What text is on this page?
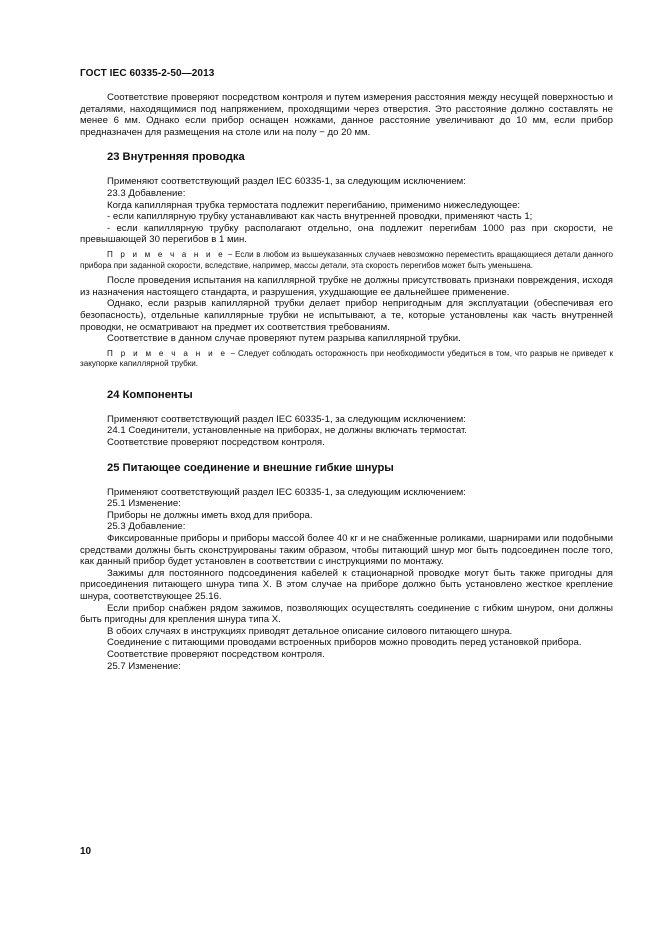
ГОСТ IEC 60335-2-50—2013

Соответствие проверяют посредством контроля и путем измерения расстояния между несущей поверхностью и деталями, находящимися под напряжением, проходящими через отверстия. Это расстояние должно составлять не менее 6 мм. Однако если прибор оснащен ножками, данное расстояние увеличивают до 10 мм, если прибор предназначен для размещения на столе или на полу − до 20 мм.

23 Внутренняя проводка

Применяют соответствующий раздел IEC 60335-1, за следующим исключением:

23.3 Добавление:

Когда капиллярная трубка термостата подлежит перегибанию, применимо нижеследующее:

- если капиллярную трубку устанавливают как часть внутренней проводки, применяют часть 1;

- если капиллярную трубку располагают отдельно, она подлежит перегибам 1000 раз при скорости, не превышающей 30 перегибов в 1 мин.

П р и м е ч а н и е − Если в любом из вышеуказанных случаев невозможно переместить вращающиеся детали данного прибора при заданной скорости, вследствие, например, массы детали, эта скорость перегибов может быть уменьшена.

После проведения испытания на капиллярной трубке не должны присутствовать признаки повреждения, исходя из назначения настоящего стандарта, и разрушения, ухудшающие ее дальнейшее применение.

Однако, если разрыв капиллярной трубки делает прибор непригодным для эксплуатации (обеспечивая его безопасность), отдельные капиллярные трубки не испытывают, а те, которые установлены как часть внутренней проводки, не осматривают на предмет их соответствия требованиям.

Соответствие в данном случае проверяют путем разрыва капиллярной трубки.

П р и м е ч а н и е − Следует соблюдать осторожность при необходимости убедиться в том, что разрыв не приведет к закупорке капиллярной трубки.

24 Компоненты

Применяют соответствующий раздел IEC 60335-1, за следующим исключением:

24.1 Соединители, установленные на приборах, не должны включать термостат.

Соответствие проверяют посредством контроля.

25 Питающее соединение и внешние гибкие шнуры

Применяют соответствующий раздел IEC 60335-1, за следующим исключением:

25.1 Изменение:

Приборы не должны иметь вход для прибора.

25.3 Добавление:

Фиксированные приборы и приборы массой более 40 кг и не снабженные роликами, шарнирами или подобными средствами должны быть сконструированы таким образом, чтобы питающий шнур мог быть подсоединен после того, как данный прибор будет установлен в соответствии с инструкциями по монтажу.

Зажимы для постоянного подсоединения кабелей к стационарной проводке могут быть также пригодны для присоединения питающего шнура типа X. В этом случае на приборе должно быть установлено жесткое крепление шнура, соответствующее 25.16.

Если прибор снабжен рядом зажимов, позволяющих осуществлять соединение с гибким шнуром, они должны быть пригодны для крепления шнура типа X.

В обоих случаях в инструкциях приводят детальное описание силового питающего шнура.

Соединение с питающими проводами встроенных приборов можно проводить перед установкой прибора.

Соответствие проверяют посредством контроля.

25.7 Изменение:

10
